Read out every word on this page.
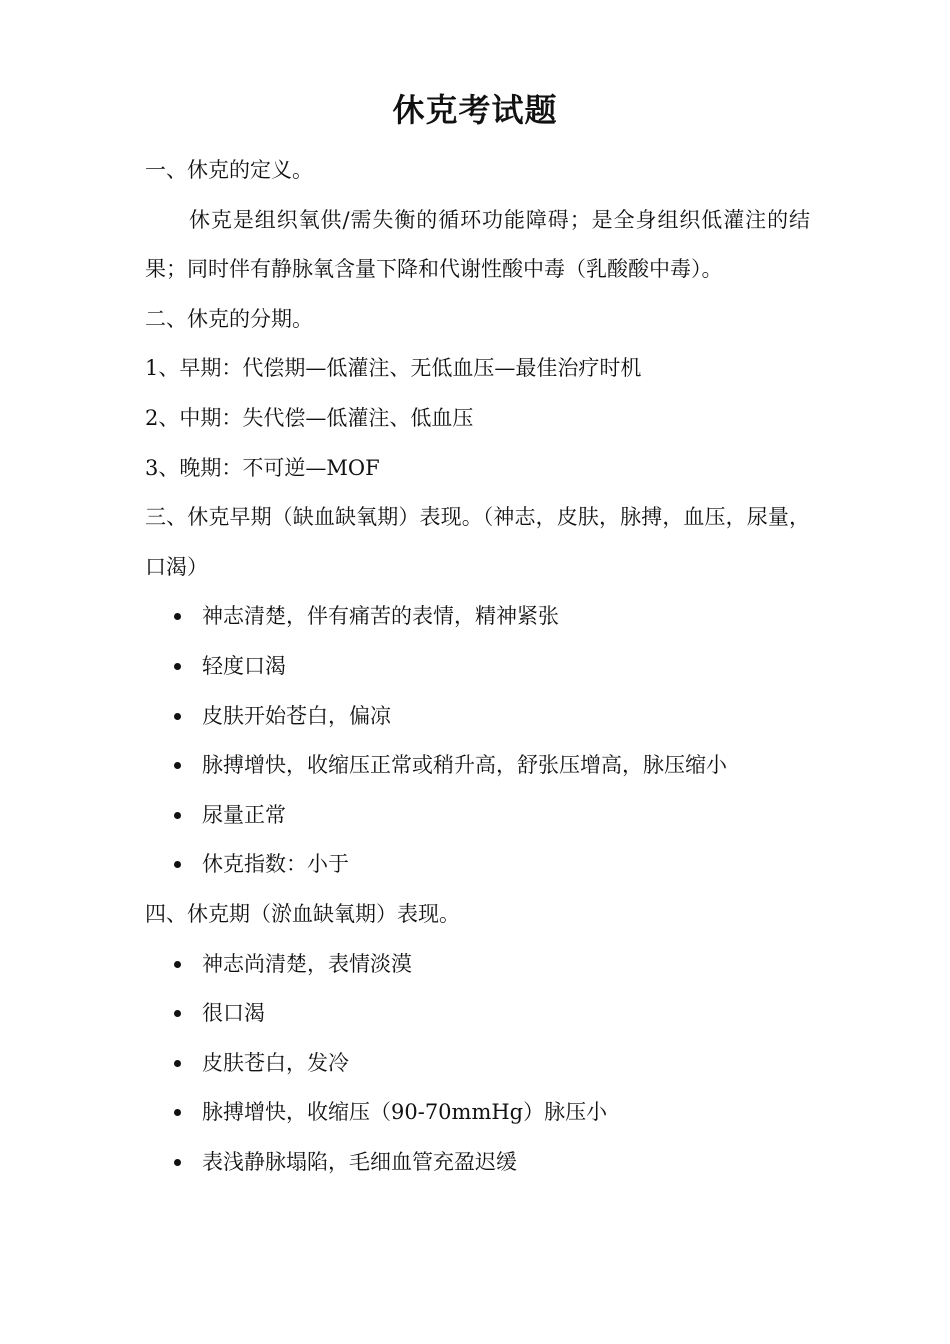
休克考试题

一、休克的定义。

休克是组织氧供/需失衡的循环功能障碍；是全身组织低灌注的结果；同时伴有静脉氧含量下降和代谢性酸中毒（乳酸酸中毒）。

二、休克的分期。

1、早期：代偿期—低灌注、无低血压—最佳治疗时机

2、中期：失代偿—低灌注、低血压

3、晚期：不可逆—MOF

三、休克早期（缺血缺氧期）表现。（神志，皮肤，脉搏，血压，尿量，口渴）

神志清楚，伴有痛苦的表情，精神紧张
轻度口渴
皮肤开始苍白，偏凉
脉搏增快，收缩压正常或稍升高，舒张压增高，脉压缩小
尿量正常
休克指数：小于

四、休克期（淤血缺氧期）表现。

神志尚清楚，表情淡漠
很口渴
皮肤苍白，发冷
脉搏增快，收缩压（90-70mmHg）脉压小
表浅静脉塌陷，毛细血管充盈迟缓
